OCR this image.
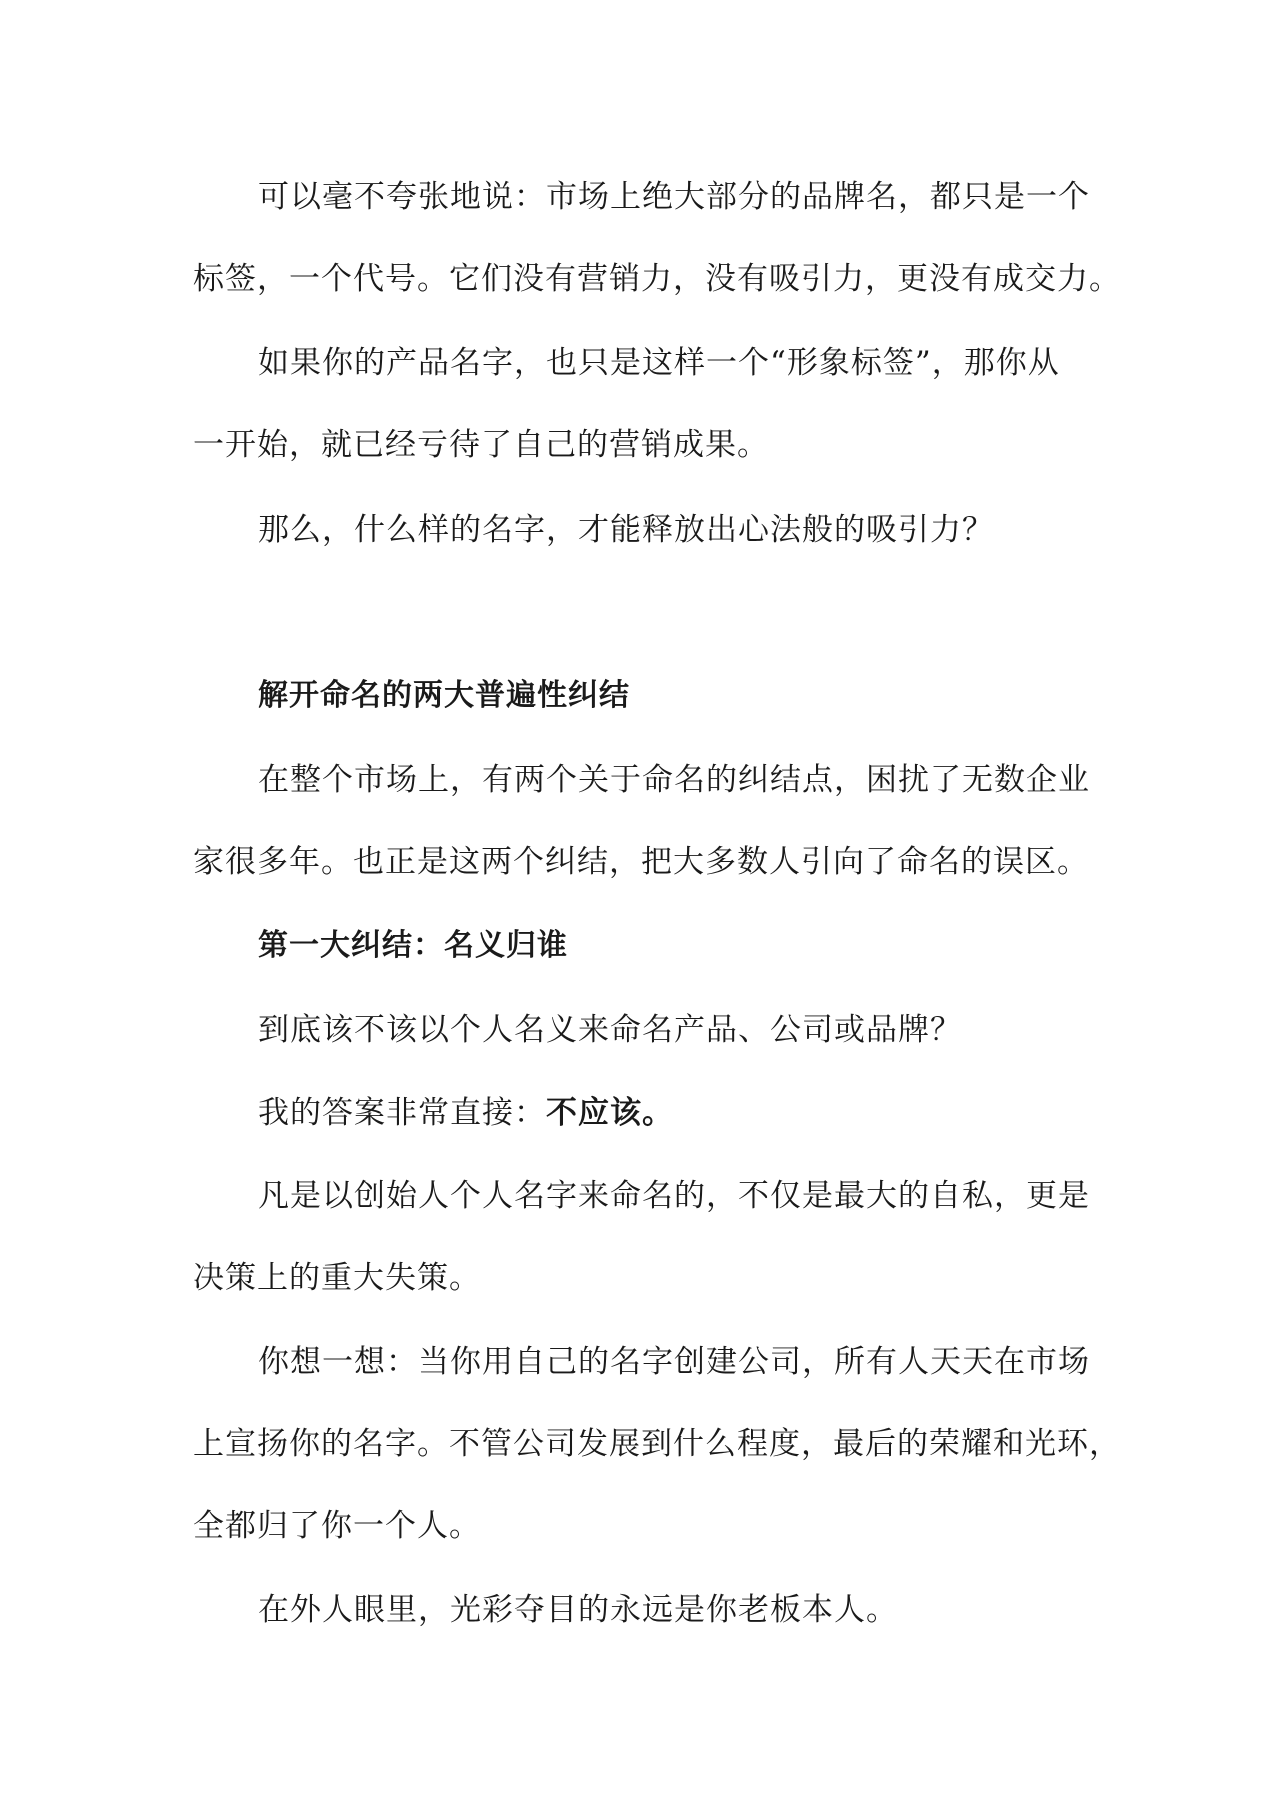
可以毫不夸张地说：市场上绝大部分的品牌名，都只是一个

标签，一个代号。它们没有营销力，没有吸引力，更没有成交力。

如果你的产品名字，也只是这样一个“形象标签”，那你从

一开始，就已经亏待了自己的营销成果。

那么，什么样的名字，才能释放出心法般的吸引力？

解开命名的两大普遍性纠结

在整个市场上，有两个关于命名的纠结点，困扰了无数企业

家很多年。也正是这两个纠结，把大多数人引向了命名的误区。

第一大纠结：名义归谁

到底该不该以个人名义来命名产品、公司或品牌？

我的答案非常直接：不应该。

凡是以创始人个人名字来命名的，不仅是最大的自私，更是

决策上的重大失策。

你想一想：当你用自己的名字创建公司，所有人天天在市场

上宣扬你的名字。不管公司发展到什么程度，最后的荣耀和光环，

全都归了你一个人。

在外人眼里，光彩夺目的永远是你老板本人。
